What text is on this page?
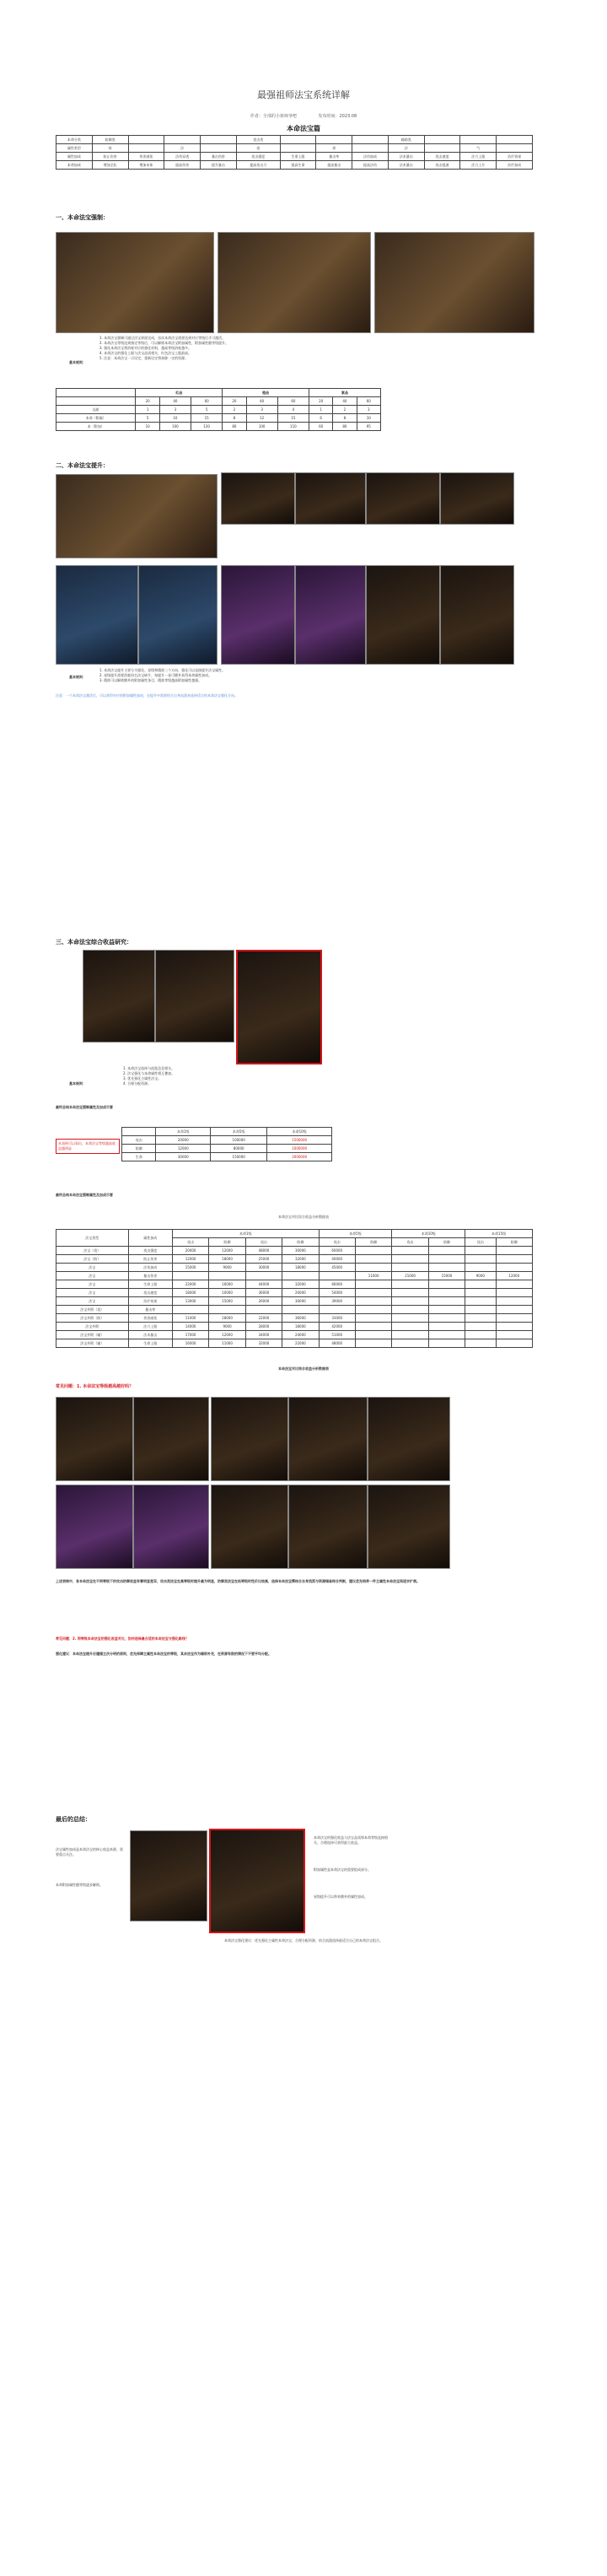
最强祖师法宝系统详解
作者：全部的小祖师爷吧	发布时间：2023.08
本命法宝篇
本命分类	防御类				攻击类				辅助类			
属性类型	体		法		攻		命		法		气	
属性加成	防止伤害	伤害减免	法伤穿透	暴击伤害	攻击强度	生命上限	暴击率	法伤加成	法术暴击	攻击速度	法力上限	治疗效果
本命加成	增加全队	增加本体	提高伤害	提升暴击	提高攻击力	提高生命	提高暴击	提高法伤	法术暴击	攻击提速	法力上升	治疗加成
一、本命法宝强制：
基本规则：
1. 本命法宝强制可通过法宝界面完成，首次本命法宝需要达到对应等级后才可激活。
2. 本命法宝等级达到指定等级后，可以解锁本命法宝附加属性，附加属性随等级提升。
3. 强化本命法宝将消耗对应的强化材料，越高等级消耗越多。
4. 本命法宝的强化上限与法宝品质相关，红色法宝上限最高。
5. 注意：本命法宝一旦设定，重新设定将扣除一定的资源。
	红品			橙品			紫品		
	20	40	60	20	40	60	20	40	60
品阶	1	3	5	2	3	4	1	2	3
本命（附属）	5	10	15	8	12	15	6	8	10
本（附加）	10	100	120	80	100	110	60	80	95
二、本命法宝提升：
1. 本命法宝提升主要分为强化、星级和精炼三个方向，强化可以直接提升法宝属性。
2. 星级提升需要消耗同名法宝碎片，每提升一星可额外获得本命属性加成。
3. 精炼可以解锁额外的附加属性条目，精炼等级越高附加属性越强。
基本规则：
注意：一个本命法宝激活后，可以获得对应的附加属性加成，在提升中需要结合自身流派来选择适合的本命法宝强化方向。
三、本命法宝综合收益研究：
1. 本命法宝选择与流派息息相关。
2. 法宝强化与本命属性相互叠加。
3. 优先强化主属性法宝。
4. 合理分配资源。
基本规则：
最终总结本命法宝强制属性及加成示意
从表格可以看出，本命法宝等级越高收益越明显
	本命1级	本命5级	本命10级
攻击	20000	100000	1500000
防御	12000	80000	1000000
生命	30000	150000	2000000
最终总结本命法宝强制属性及加成示意
本命法宝对比综合收益分析数据表
法宝类型	属性加成	本命1级				本命5级		本命10级		本命15级	
		攻击	防御	攻击	防御	攻击	防御	攻击	防御	攻击	防御
法宝（攻）	攻击强度	20000	12000	48000	30000	60000					
法宝（防）	防止伤害	12000	18000	25000	32000	40000					
法宝	法伤加成	15000	9000	30000	18000	45000					
法宝	暴击伤害						11000	21000	15000	9000	12000
法宝	生命上限	22000	16000	44000	32000	66000					
法宝	攻击速度	18000	10000	36000	20000	54000					
法宝	治疗效果	13000	15000	26000	30000	39000					
法宝外附（攻）	暴击率										
法宝外附（防）	伤害减免	11000	18000	22000	36000	33000					
法宝外附	法力上限	14000	9000	28000	18000	42000					
法宝外附（辅）	法术暴击	17000	12000	34000	24000	51000					
法宝外附（辅）	生命上限	16000	11000	32000	22000	48000					
本命法宝对比综合收益分析数据表
常见问题：1. 本命法宝等级越高越好吗？
上述表格中，各本命法宝在不同等级下的攻击防御收益有着明显差异，攻击类法宝在高等级时提升最为明显，防御类法宝在低等级时性价比较高，选择本命法宝需结合自身流派与资源储备综合判断，建议优先培养一件主属性本命法宝再逐步扩展。
常见问题：2. 同等级本命法宝的强化收益对比，如何选择最合适的本命法宝与强化路线？
强化建议：本命法宝提升应遵循主次分明的原则，优先保障主属性本命法宝的等级，其余法宝作为辅助补充，在资源有限的情况下不要平均分配。
最后的总结：
法宝属性加成是本命法宝的核心收益来源，需要重点关注。
本命附加属性随等级逐步解锁。
本命法宝的强化收益与法宝品质和本命等级直接相关，合理选择可获得最大收益。
附加属性是本命法宝的重要组成部分。
星级提升可以带来额外的属性加成。
本命法宝强化建议：优先强化主属性本命法宝，合理分配资源，结合流派选择最适合自己的本命法宝组合。
